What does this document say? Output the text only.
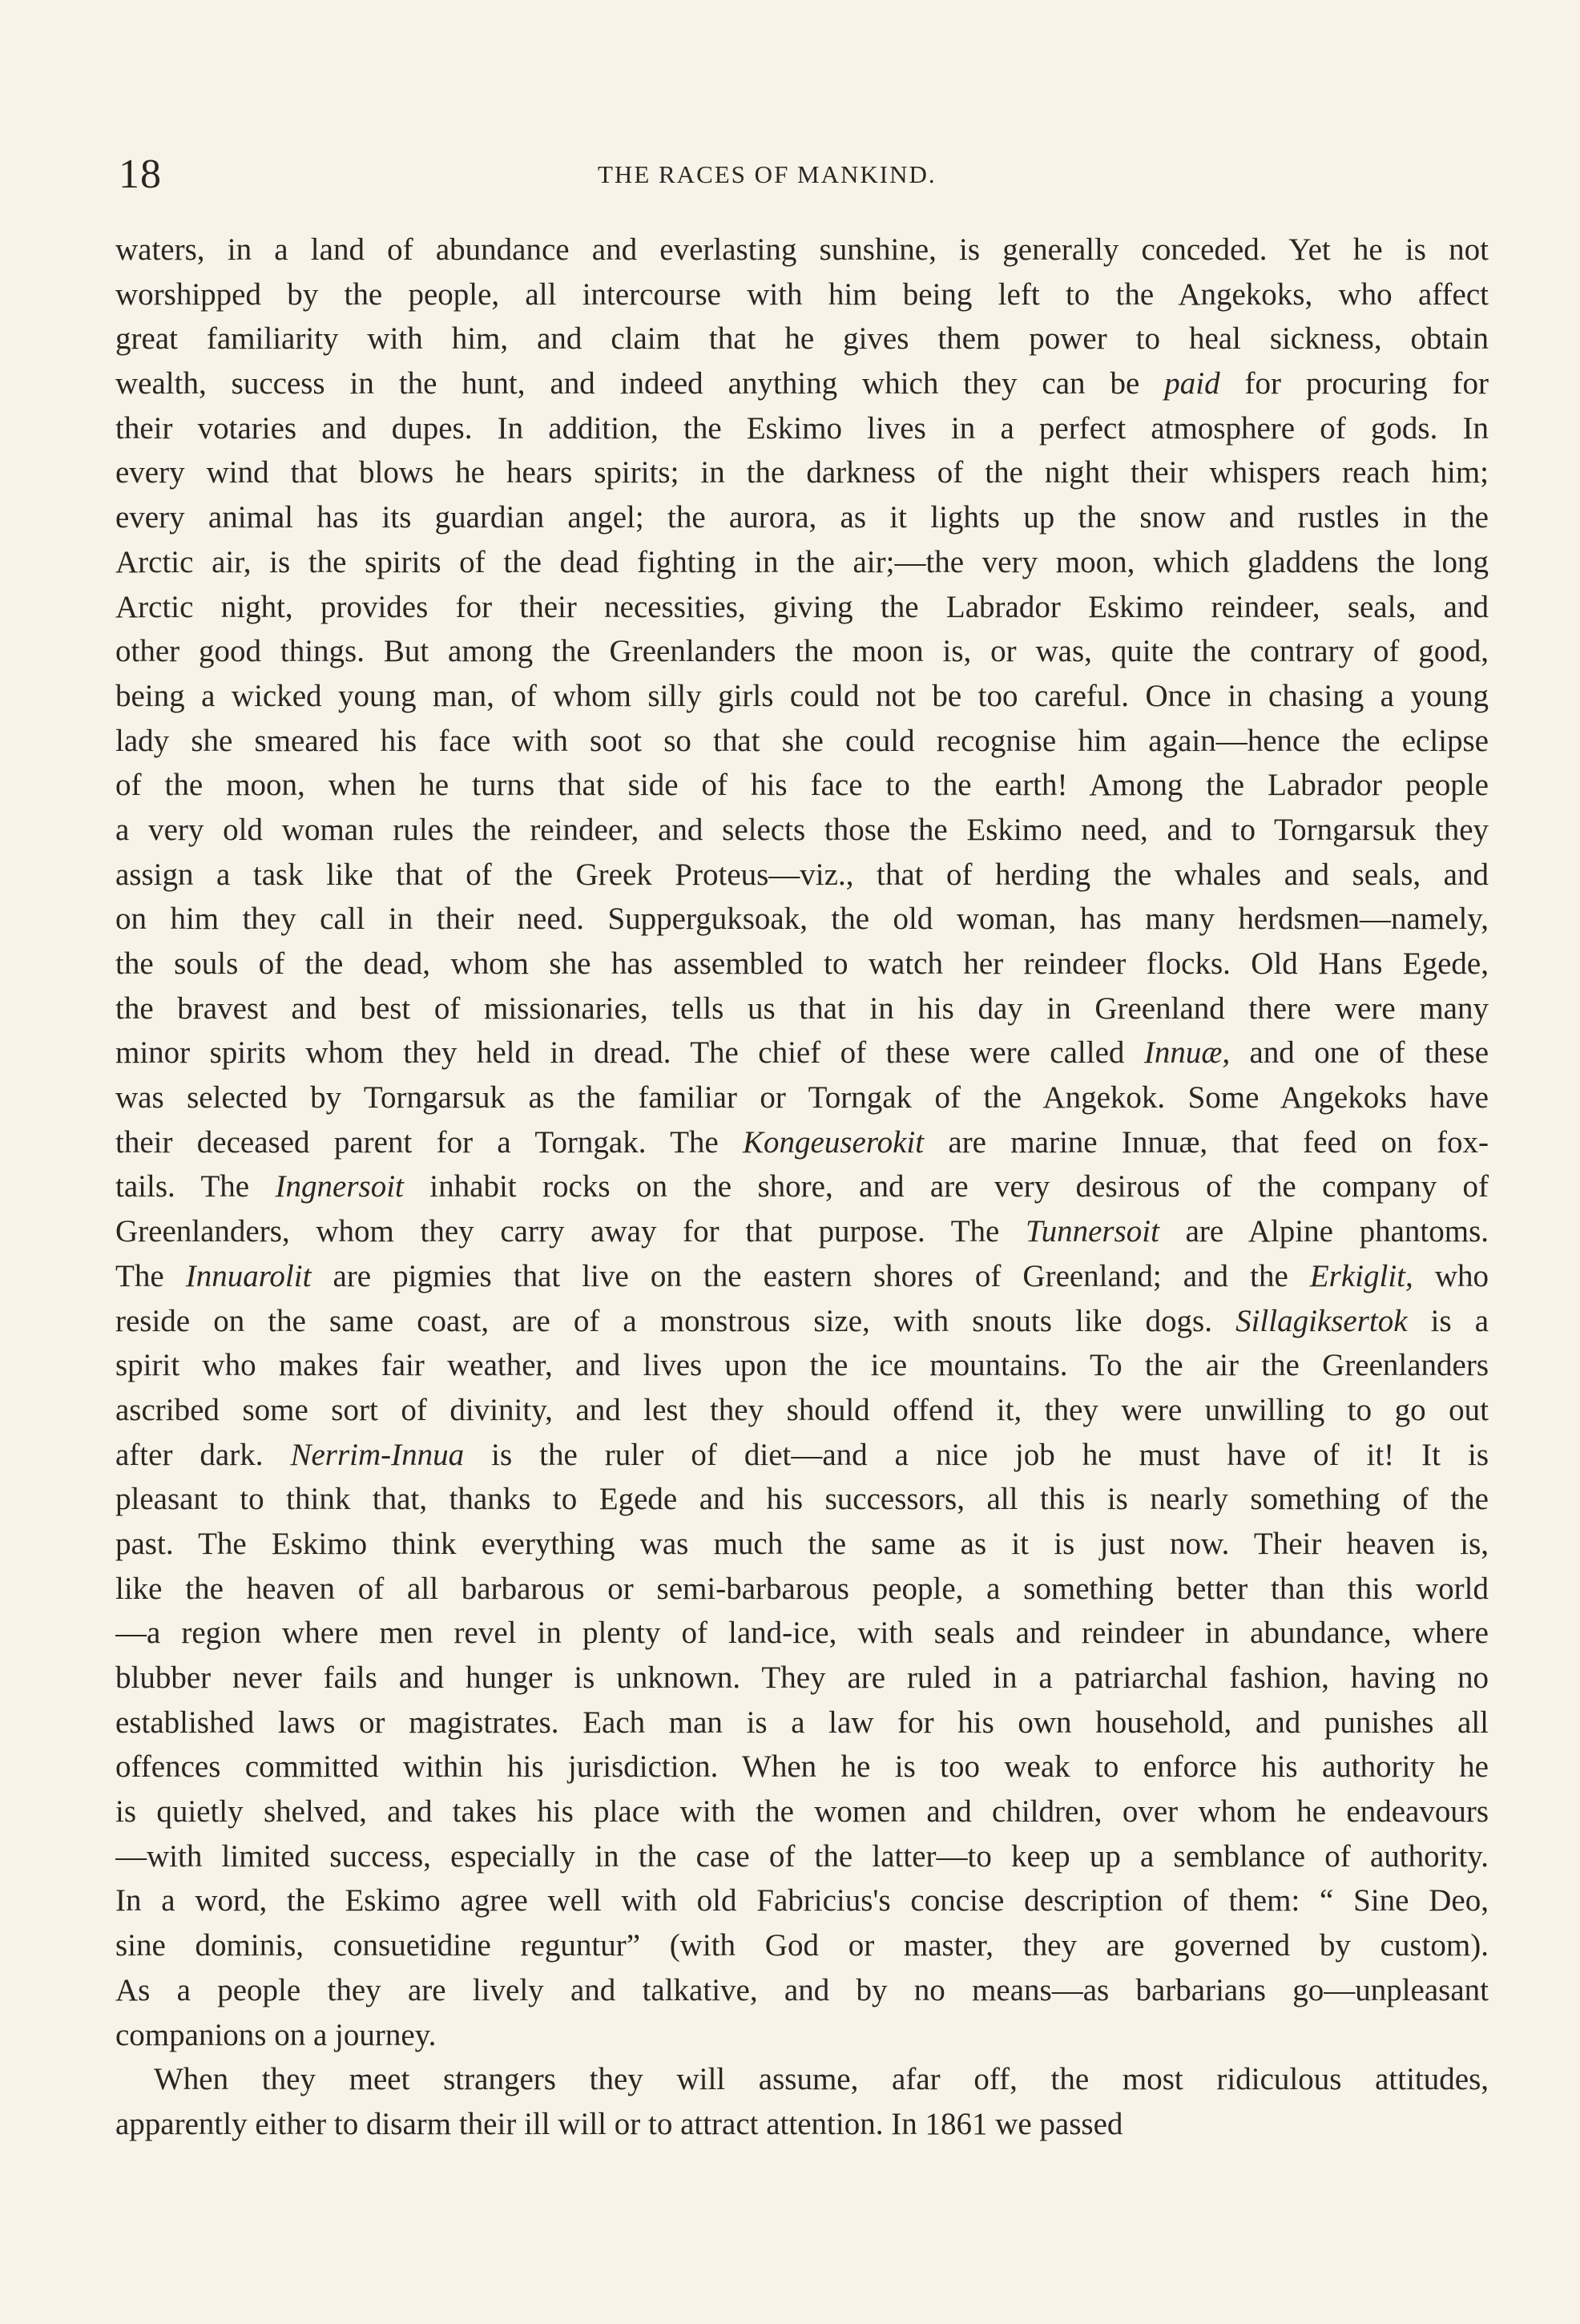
18	THE RACES OF MANKIND.
waters, in a land of abundance and everlasting sunshine, is generally conceded. Yet he is not
worshipped by the people, all intercourse with him being left to the Angekoks, who affect
great familiarity with him, and claim that he gives them power to heal sickness, obtain
wealth, success in the hunt, and indeed anything which they can be paid for procuring for
their votaries and dupes. In addition, the Eskimo lives in a perfect atmosphere of gods. In
every wind that blows he hears spirits; in the darkness of the night their whispers reach him;
every animal has its guardian angel; the aurora, as it lights up the snow and rustles in the
Arctic air, is the spirits of the dead fighting in the air;—the very moon, which gladdens the long
Arctic night, provides for their necessities, giving the Labrador Eskimo reindeer, seals, and
other good things. But among the Greenlanders the moon is, or was, quite the contrary of good,
being a wicked young man, of whom silly girls could not be too careful. Once in chasing a young
lady she smeared his face with soot so that she could recognise him again—hence the eclipse
of the moon, when he turns that side of his face to the earth! Among the Labrador people
a very old woman rules the reindeer, and selects those the Eskimo need, and to Torngarsuk they
assign a task like that of the Greek Proteus—viz., that of herding the whales and seals, and
on him they call in their need. Supperguksoak, the old woman, has many herdsmen—namely,
the souls of the dead, whom she has assembled to watch her reindeer flocks. Old Hans Egede,
the bravest and best of missionaries, tells us that in his day in Greenland there were many
minor spirits whom they held in dread. The chief of these were called Innuæ, and one of these
was selected by Torngarsuk as the familiar or Torngak of the Angekok. Some Angekoks have
their deceased parent for a Torngak. The Kongeuserokit are marine Innuæ, that feed on fox-
tails. The Ingnersoit inhabit rocks on the shore, and are very desirous of the company of
Greenlanders, whom they carry away for that purpose. The Tunnersoit are Alpine phantoms.
The Innuarolit are pigmies that live on the eastern shores of Greenland; and the Erkiglit, who
reside on the same coast, are of a monstrous size, with snouts like dogs. Sillagiksertok is a
spirit who makes fair weather, and lives upon the ice mountains. To the air the Greenlanders
ascribed some sort of divinity, and lest they should offend it, they were unwilling to go out
after dark. Nerrim-Innua is the ruler of diet—and a nice job he must have of it! It is
pleasant to think that, thanks to Egede and his successors, all this is nearly something of the
past. The Eskimo think everything was much the same as it is just now. Their heaven is,
like the heaven of all barbarous or semi-barbarous people, a something better than this world
—a region where men revel in plenty of land-ice, with seals and reindeer in abundance, where
blubber never fails and hunger is unknown. They are ruled in a patriarchal fashion, having no
established laws or magistrates. Each man is a law for his own household, and punishes all
offences committed within his jurisdiction. When he is too weak to enforce his authority he
is quietly shelved, and takes his place with the women and children, over whom he endeavours
—with limited success, especially in the case of the latter—to keep up a semblance of authority.
In a word, the Eskimo agree well with old Fabricius's concise description of them: “ Sine Deo,
sine dominis, consuetidine reguntur” (with God or master, they are governed by custom).
As a people they are lively and talkative, and by no means—as barbarians go—unpleasant
companions on a journey.
When they meet strangers they will assume, afar off, the most ridiculous attitudes,
apparently either to disarm their ill will or to attract attention. In 1861 we passed
